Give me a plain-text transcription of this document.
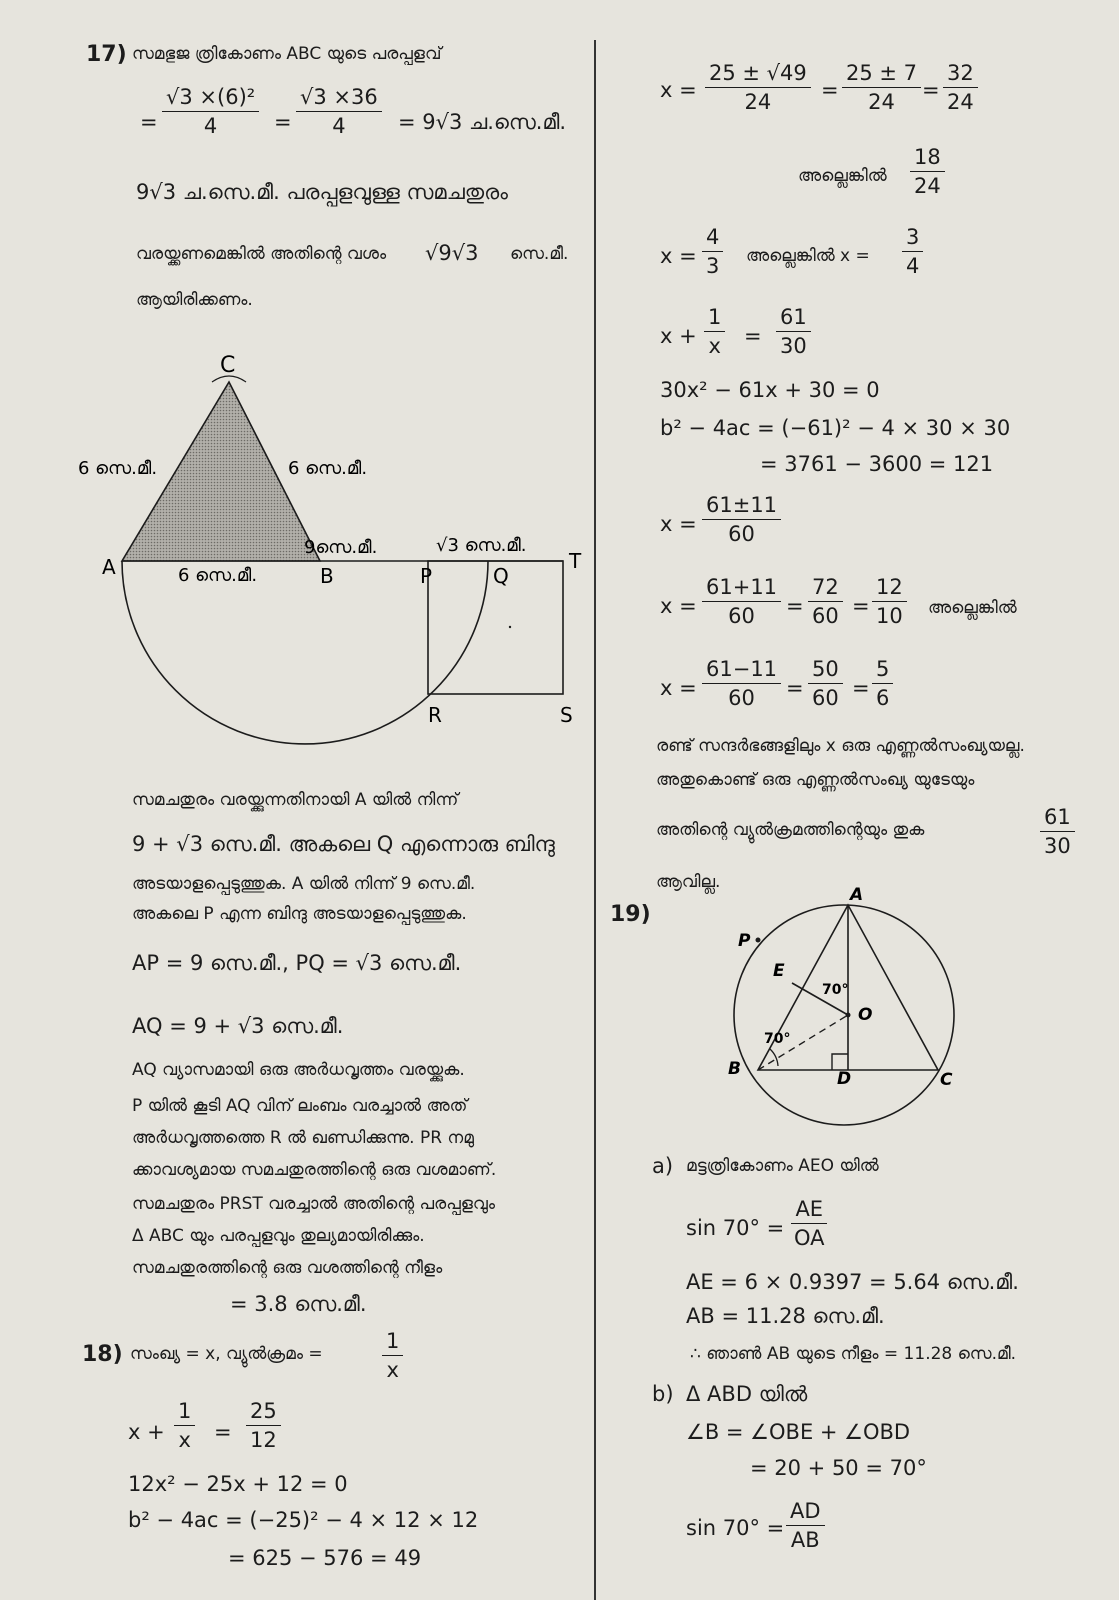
17) സമഭുജ ത്രികോണം ABC യുടെ പരപ്പളവ്
= $\frac{\text{√3 ×(6)²}}{4} = \frac{√3 \times 36}{4} = 9√3$ ച.സെ.മീ.
9√3 ച.സെ.മീ. പരപ്പളവുള്ള സമചതുരം
വരയ്ക്കണമെങ്കിൽ അതിന്റെ വശം √9√3 സെ.മീ.
ആയിരിക്കണം.
C
A	B	P	Q
T
R	S
6 സെ.മീ.	6 സെ.മീ.
6 സെ.മീ.
9സെ.മീ.	√3 സെ.മീ.
സമചതുരം വരയ്ക്കുന്നതിനായി A യിൽ നിന്ന്
9 + √3 സെ.മീ. അകലെ Q എന്നൊരു ബിന്ദു
അടയാളപ്പെടുത്തുക. A യിൽ നിന്ന് 9 സെ.മീ.
അകലെ P എന്ന ബിന്ദു അടയാളപ്പെടുത്തുക.
AP = 9 സെ.മീ., PQ = √3 സെ.മീ.
AQ = 9 + √3 സെ.മീ.
AQ വ്യാസമായി ഒരു അർധവൃത്തം വരയ്ക്കുക.
P യിൽ കൂടി AQ വിന് ലംബം വരച്ചാൽ അത്
അർധവൃത്തത്തെ R ൽ ഖണ്ഡിക്കുന്നു. PR നമു
ക്കാവശ്യമായ സമചതുരത്തിന്റെ ഒരു വശമാണ്.
സമചതുരം PRST വരച്ചാൽ അതിന്റെ പരപ്പളവും
Δ ABC യും പരപ്പളവും തുല്യമായിരിക്കും.
സമചതുരത്തിന്റെ ഒരു വശത്തിന്റെ നീളം
= 3.8 സെ.മീ.
18) സംഖ്യ = x, വ്യുൽക്രമം =	$\frac{1}{x}$
$x + \frac{1}{x} = \frac{25}{12}$
12x² − 25x + 12 = 0
b² − 4ac = (−25)² − 4 × 12 × 12
= 625 − 576 = 49
$x = \frac{25 \pm √49}{24} = \frac{25 \pm 7}{24} = \frac{32}{24}$
അല്ലെങ്കിൽ $\frac{18}{24}$
$x = \frac{4}{3}$ അല്ലെങ്കിൽ $x = \frac{3}{4}$
$x + \frac{1}{x} = \frac{61}{30}$
30x² − 61x + 30 = 0
b² − 4ac = (−61)² − 4 × 30 × 30
= 3761 − 3600 = 121
$x = \frac{61\pm 11}{60}$
$x = \frac{61+11}{60} = \frac{72}{60} = \frac{12}{10}$ അല്ലെങ്കിൽ
$x = \frac{61-11}{60} = \frac{50}{60} = \frac{5}{6}$
രണ്ട് സന്ദർഭങ്ങളിലും x ഒരു എണ്ണൽസംഖ്യയല്ല.
അതുകൊണ്ട് ഒരു എണ്ണൽസംഖ്യ യുടേയും
അതിന്റെ വ്യുൽക്രമത്തിന്റെയും തുക	$\frac{61}{30}$
ആവില്ല.
19)
A
P
E
O
B	D	C
70°
70°
a) മട്ടത്രികോണം AEO യിൽ
$\sin 70^\circ = \frac{AE}{OA}$
AE = 6 × 0.9397 = 5.64 സെ.മീ.
AB = 11.28 സെ.മീ.
∴ ഞാൺ AB യുടെ നീളം = 11.28 സെ.മീ.
b) Δ ABD യിൽ
∠B = ∠OBE + ∠OBD
= 20 + 50 = 70°
$\sin 70^\circ = \frac{AD}{AB}$
